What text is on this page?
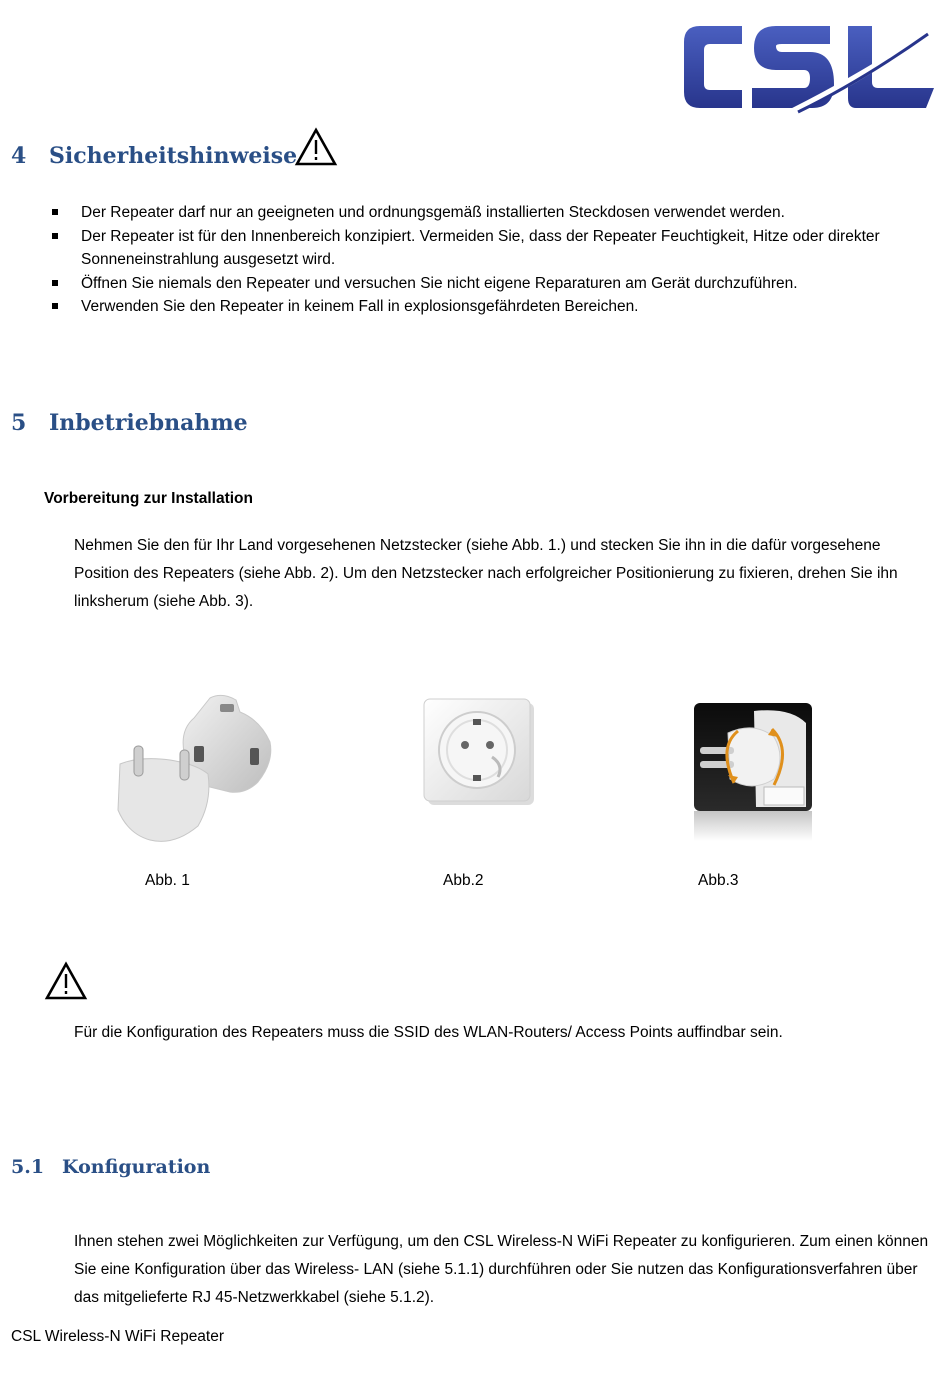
4 Sicherheitshinweise
Der Repeater darf nur an geeigneten und ordnungsgemäß installierten Steckdosen verwendet werden.
Der Repeater ist für den Innenbereich konzipiert. Vermeiden Sie, dass der Repeater Feuchtigkeit, Hitze oder direkter Sonneneinstrahlung ausgesetzt wird.
Öffnen Sie niemals den Repeater und versuchen Sie nicht eigene Reparaturen am Gerät durchzuführen.
Verwenden Sie den Repeater in keinem Fall in explosionsgefährdeten Bereichen.
5 Inbetriebnahme
Vorbereitung zur Installation
Nehmen Sie den für Ihr Land vorgesehenen Netzstecker (siehe Abb. 1.) und stecken Sie ihn in die dafür vorgesehene Position des Repeaters (siehe Abb. 2). Um den Netzstecker nach erfolgreicher Positionierung zu fixieren, drehen Sie ihn linksherum (siehe Abb. 3).
Abb. 1	Abb.2	Abb.3
Für die Konfiguration des Repeaters muss die SSID des WLAN-Routers/ Access Points auffindbar sein.
5.1 Konfiguration
Ihnen stehen zwei Möglichkeiten zur Verfügung, um den CSL Wireless-N WiFi Repeater zu konfigurieren. Zum einen können Sie eine Konfiguration über das Wireless- LAN (siehe 5.1.1) durchführen oder Sie nutzen das Konfigurationsverfahren über das mitgelieferte RJ 45-Netzwerkkabel (siehe 5.1.2).
CSL Wireless-N WiFi Repeater
